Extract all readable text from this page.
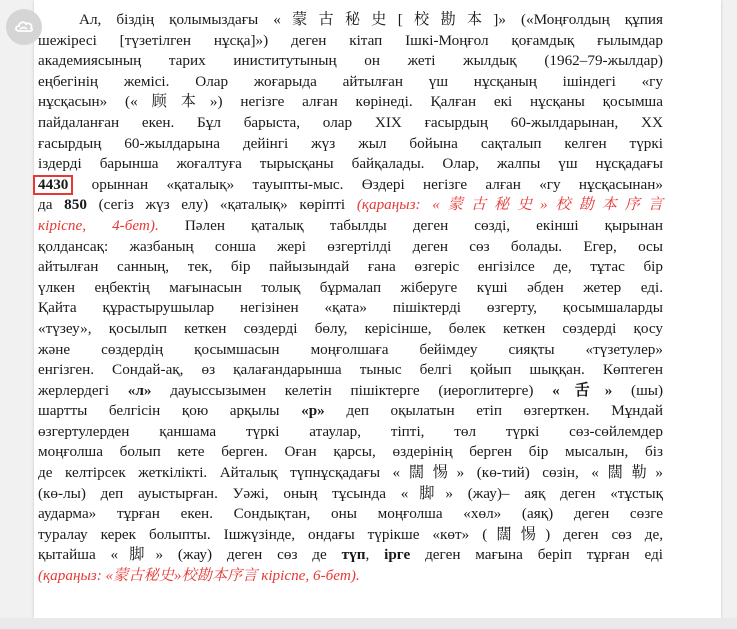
Ал, біздің қолымыздағы «蒙古秘史[校勘本]» («Моңғолдың құпия
шежіресі [түзетілген нұсқа]») деген кітап Ішкі-Моңғол қоғамдық ғылымдар
академиясының тарих иниститутының он жеті жылдық (1962–79-жылдар)
еңбегінің жемісі. Олар жоғарыда айтылған үш нұсқаның ішіндегі «гу
нұсқасын» («顾本») негізге алған көрінеді. Қалған екі нұсқаны қосымша
пайдаланған екен. Бұл барыста, олар XIX ғасырдың 60-жылдарынан, XX
ғасырдың 60-жылдарына дейінгі жүз жыл бойына сақталып келген түркі
іздерді барынша жоғалтуға тырысқаны байқалады. Олар, жалпы үш нұсқадағы
4430 орыннан «қаталық» тауыпты-мыс. Өздері негізге алған «гу нұсқасынан»
да 850 (сегіз жүз елу) «қаталық» көріпті (қараңыз: «蒙古秘史»校勘本序言
кіріспе, 4-бет). Пәлен қаталық табылды деген сөзді, екінші қырынан
қолдансақ: жазбаның сонша жері өзгертілді деген сөз болады. Егер, осы
айтылған санның, тек, бір пайызындай ғана өзгеріс енгізілсе де, тұтас бір
үлкен еңбектің мағынасын толық бұрмалап жіберуге күші әбден жетер еді.
Қайта құрастырушылар негізінен «қата» пішіктерді өзгерту, қосымшаларды
«түзеу», қосылып кеткен сөздерді бөлу, керісінше, бөлек кеткен сөздерді қосу
және сөздердің қосымшасын моңғолшаға бейімдеу сияқты «түзетулер»
енгізген. Сондай-ақ, өз қалағандарынша тыныс белгі қойып шыққан. Көптеген
жерлердегі «л» дауыссызымен келетін пішіктерге (иероглитерге) «舌» (шы)
шартты белгісін қою арқылы «р» деп оқылатын етіп өзгерткен. Мұндай
өзгертулерден қаншама түркі атаулар, тіпті, төл түркі сөз-сөйлемдер
моңғолша болып кете берген. Оған қарсы, өздерінің берген бір мысалын, біз
де келтірсек жеткілікті. Айталық түпнұсқадағы «闊惕» (кө-тий) сөзін, «闊勒»
(кө-лы) деп ауыстырған. Уәжі, оның тұсында «脚» (жау)– аяқ деген «тұстық
аударма» тұрған екен. Сондықтан, оны моңғолша «хөл» (аяқ) деген сөзге
туралау керек болыпты. Ішжүзінде, ондағы түрікше «көт» (闊惕) деген сөз де,
қытайша «脚» (жау) деген сөз де түп, ірге деген мағына беріп тұрған еді
(қараңыз: «蒙古秘史»校勘本序言 кіріспе, 6-бет).
